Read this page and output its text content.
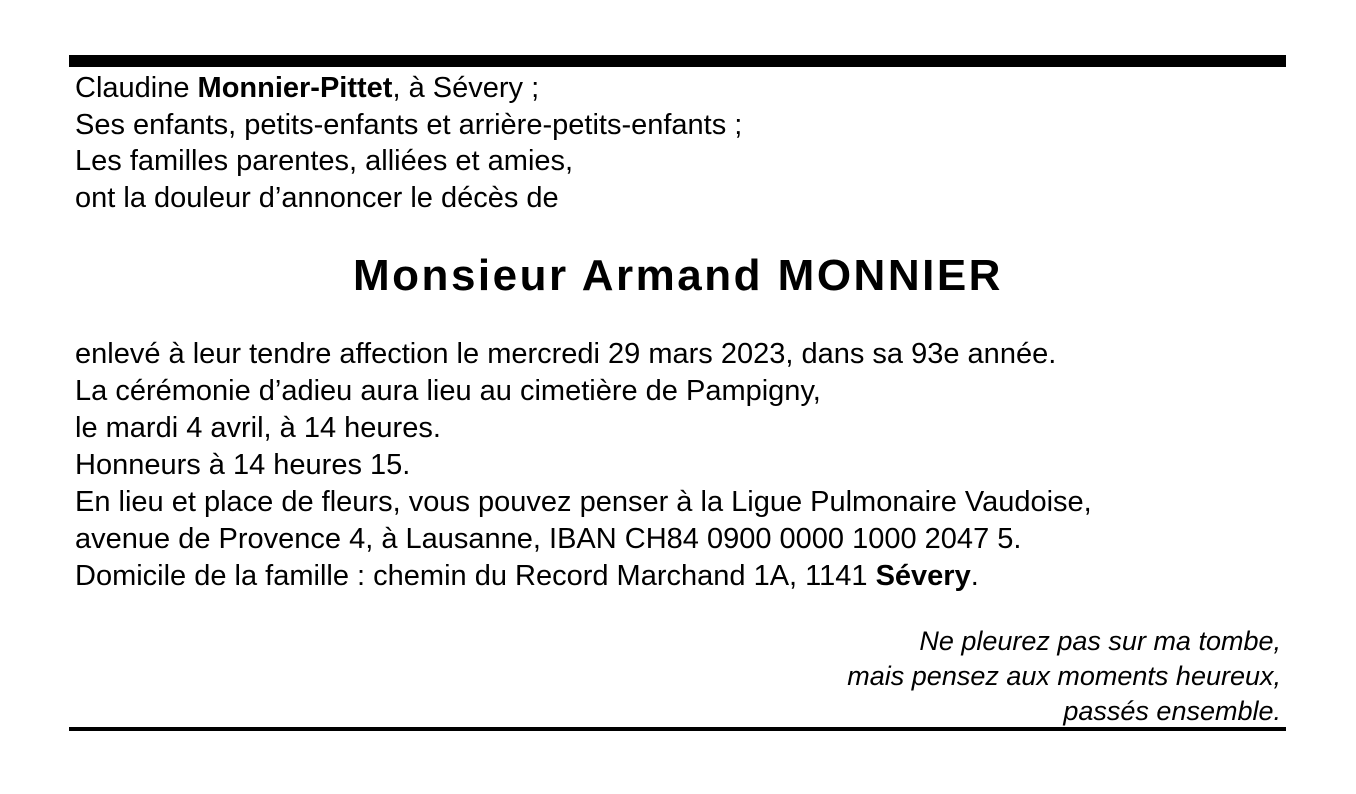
Claudine Monnier-Pittet, à Sévery ;
Ses enfants, petits-enfants et arrière-petits-enfants ;
Les familles parentes, alliées et amies,
ont la douleur d’annoncer le décès de
Monsieur Armand MONNIER
enlevé à leur tendre affection le mercredi 29 mars 2023, dans sa 93e année.
La cérémonie d’adieu aura lieu au cimetière de Pampigny,
le mardi 4 avril, à 14 heures.
Honneurs à 14 heures 15.
En lieu et place de fleurs, vous pouvez penser à la Ligue Pulmonaire Vaudoise,
avenue de Provence 4, à Lausanne, IBAN CH84 0900 0000 1000 2047 5.
Domicile de la famille : chemin du Record Marchand 1A, 1141 Sévery.
Ne pleurez pas sur ma tombe,
mais pensez aux moments heureux,
passés ensemble.
